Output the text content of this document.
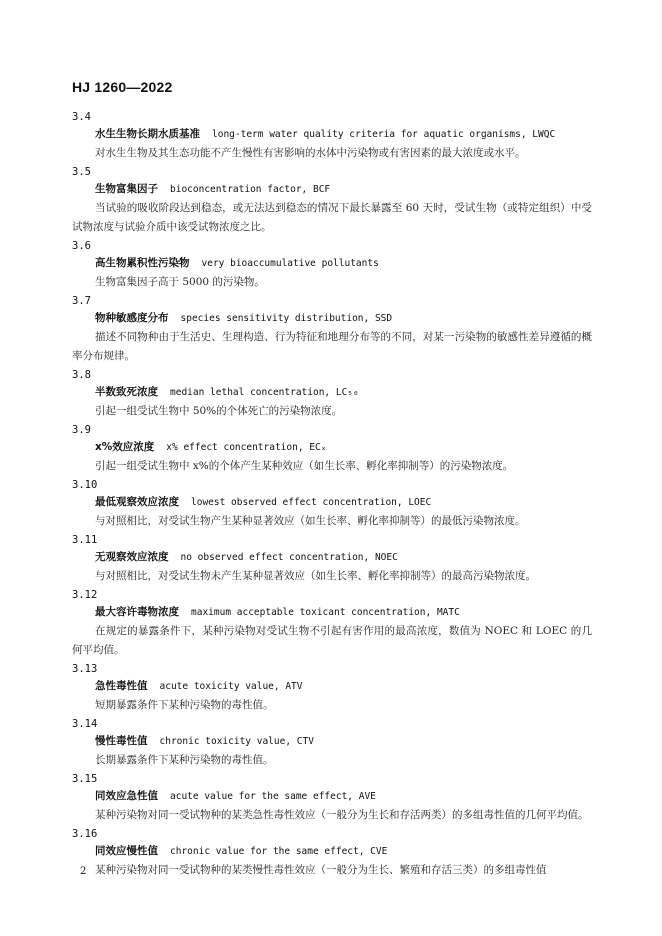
HJ 1260—2022
3.4
水生生物长期水质基准 long-term water quality criteria for aquatic organisms, LWQC
对水生生物及其生态功能不产生慢性有害影响的水体中污染物或有害因素的最大浓度或水平。
3.5
生物富集因子 bioconcentration factor, BCF
当试验的吸收阶段达到稳态，或无法达到稳态的情况下最长暴露至 60 天时，受试生物（或特定组织）中受试物浓度与试验介质中该受试物浓度之比。
3.6
高生物累积性污染物 very bioaccumulative pollutants
生物富集因子高于 5000 的污染物。
3.7
物种敏感度分布 species sensitivity distribution, SSD
描述不同物种由于生活史、生理构造、行为特征和地理分布等的不同，对某一污染物的敏感性差异遵循的概率分布规律。
3.8
半数致死浓度 median lethal concentration, LC₅₀
引起一组受试生物中 50%的个体死亡的污染物浓度。
3.9
x%效应浓度 x% effect concentration, ECₓ
引起一组受试生物中 x%的个体产生某种效应（如生长率、孵化率抑制等）的污染物浓度。
3.10
最低观察效应浓度 lowest observed effect concentration, LOEC
与对照相比，对受试生物产生某种显著效应（如生长率、孵化率抑制等）的最低污染物浓度。
3.11
无观察效应浓度 no observed effect concentration, NOEC
与对照相比，对受试生物未产生某种显著效应（如生长率、孵化率抑制等）的最高污染物浓度。
3.12
最大容许毒物浓度 maximum acceptable toxicant concentration, MATC
在规定的暴露条件下，某种污染物对受试生物不引起有害作用的最高浓度，数值为 NOEC 和 LOEC 的几何平均值。
3.13
急性毒性值 acute toxicity value, ATV
短期暴露条件下某种污染物的毒性值。
3.14
慢性毒性值 chronic toxicity value, CTV
长期暴露条件下某种污染物的毒性值。
3.15
同效应急性值 acute value for the same effect, AVE
某种污染物对同一受试物种的某类急性毒性效应（一般分为生长和存活两类）的多组毒性值的几何平均值。
3.16
同效应慢性值 chronic value for the same effect, CVE
某种污染物对同一受试物种的某类慢性毒性效应（一般分为生长、繁殖和存活三类）的多组毒性值
2
